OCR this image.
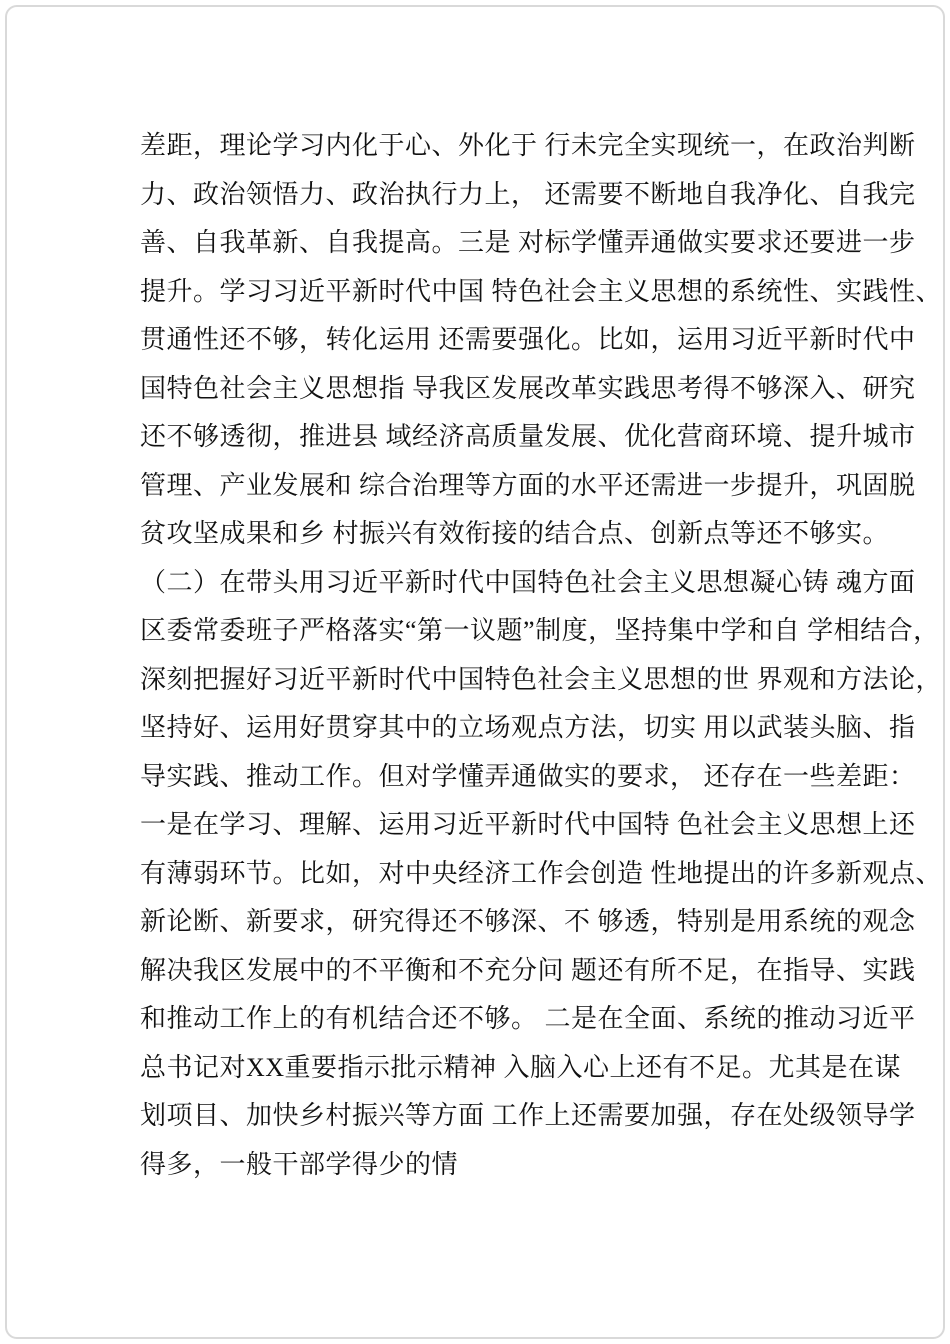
差距，理论学习内化于心、外化于 行未完全实现统一，在政治判断
力、政治领悟力、政治执行力上， 还需要不断地自我净化、自我完
善、自我革新、自我提高。三是 对标学懂弄通做实要求还要进一步
提升。学习习近平新时代中国 特色社会主义思想的系统性、实践性、
贯通性还不够，转化运用 还需要强化。比如，运用习近平新时代中
国特色社会主义思想指 导我区发展改革实践思考得不够深入、研究
还不够透彻，推进县 域经济高质量发展、优化营商环境、提升城市
管理、产业发展和 综合治理等方面的水平还需进一步提升，巩固脱
贫攻坚成果和乡 村振兴有效衔接的结合点、创新点等还不够实。
（二）在带头用习近平新时代中国特色社会主义思想凝心铸 魂方面
区委常委班子严格落实“第一议题”制度，坚持集中学和自 学相结合，
深刻把握好习近平新时代中国特色社会主义思想的世 界观和方法论，
坚持好、运用好贯穿其中的立场观点方法，切实 用以武装头脑、指
导实践、推动工作。但对学懂弄通做实的要求， 还存在一些差距：
一是在学习、理解、运用习近平新时代中国特 色社会主义思想上还
有薄弱环节。比如，对中央经济工作会创造 性地提出的许多新观点、
新论断、新要求，研究得还不够深、不 够透，特别是用系统的观念
解决我区发展中的不平衡和不充分问 题还有所不足，在指导、实践
和推动工作上的有机结合还不够。 二是在全面、系统的推动习近平
总书记对XX重要指示批示精神 入脑入心上还有不足。尤其是在谋
划项目、加快乡村振兴等方面 工作上还需要加强，存在处级领导学
得多，一般干部学得少的情
